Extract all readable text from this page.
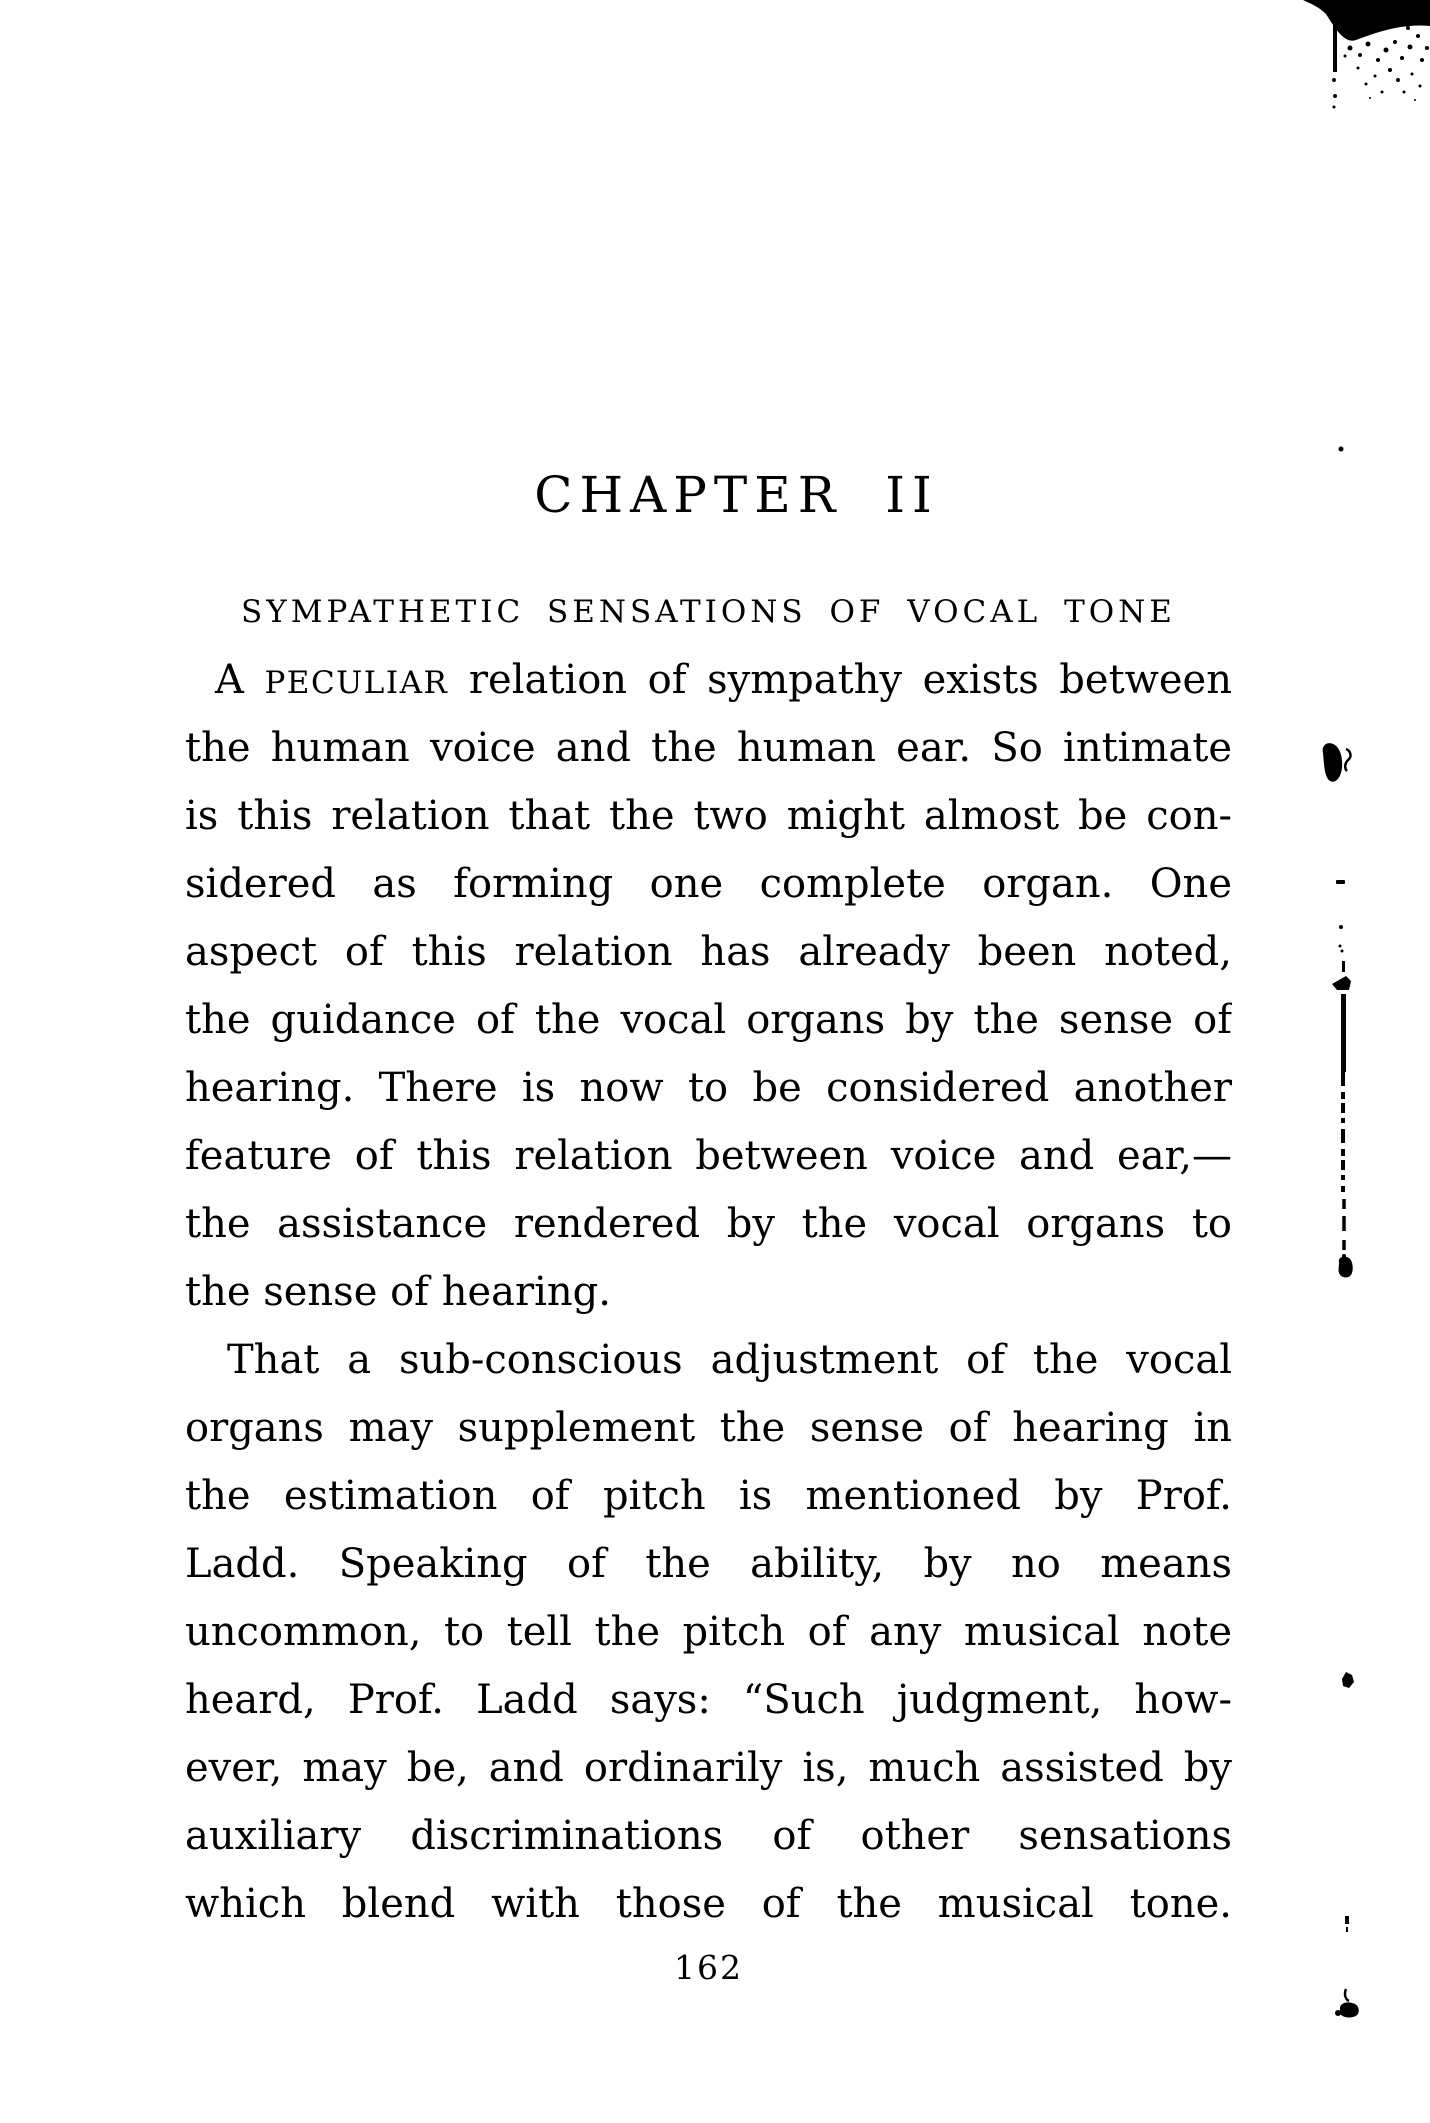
CHAPTER II
SYMPATHETIC SENSATIONS OF VOCAL TONE
A PECULIAR relation of sympathy exists between
the human voice and the human ear. So intimate
is this relation that the two might almost be con-
sidered as forming one complete organ. One
aspect of this relation has already been noted,
the guidance of the vocal organs by the sense of
hearing. There is now to be considered another
feature of this relation between voice and ear,—
the assistance rendered by the vocal organs to
the sense of hearing.
That a sub-conscious adjustment of the vocal
organs may supplement the sense of hearing in
the estimation of pitch is mentioned by Prof.
Ladd. Speaking of the ability, by no means
uncommon, to tell the pitch of any musical note
heard, Prof. Ladd says: “Such judgment, how-
ever, may be, and ordinarily is, much assisted by
auxiliary discriminations of other sensations
which blend with those of the musical tone.
162
